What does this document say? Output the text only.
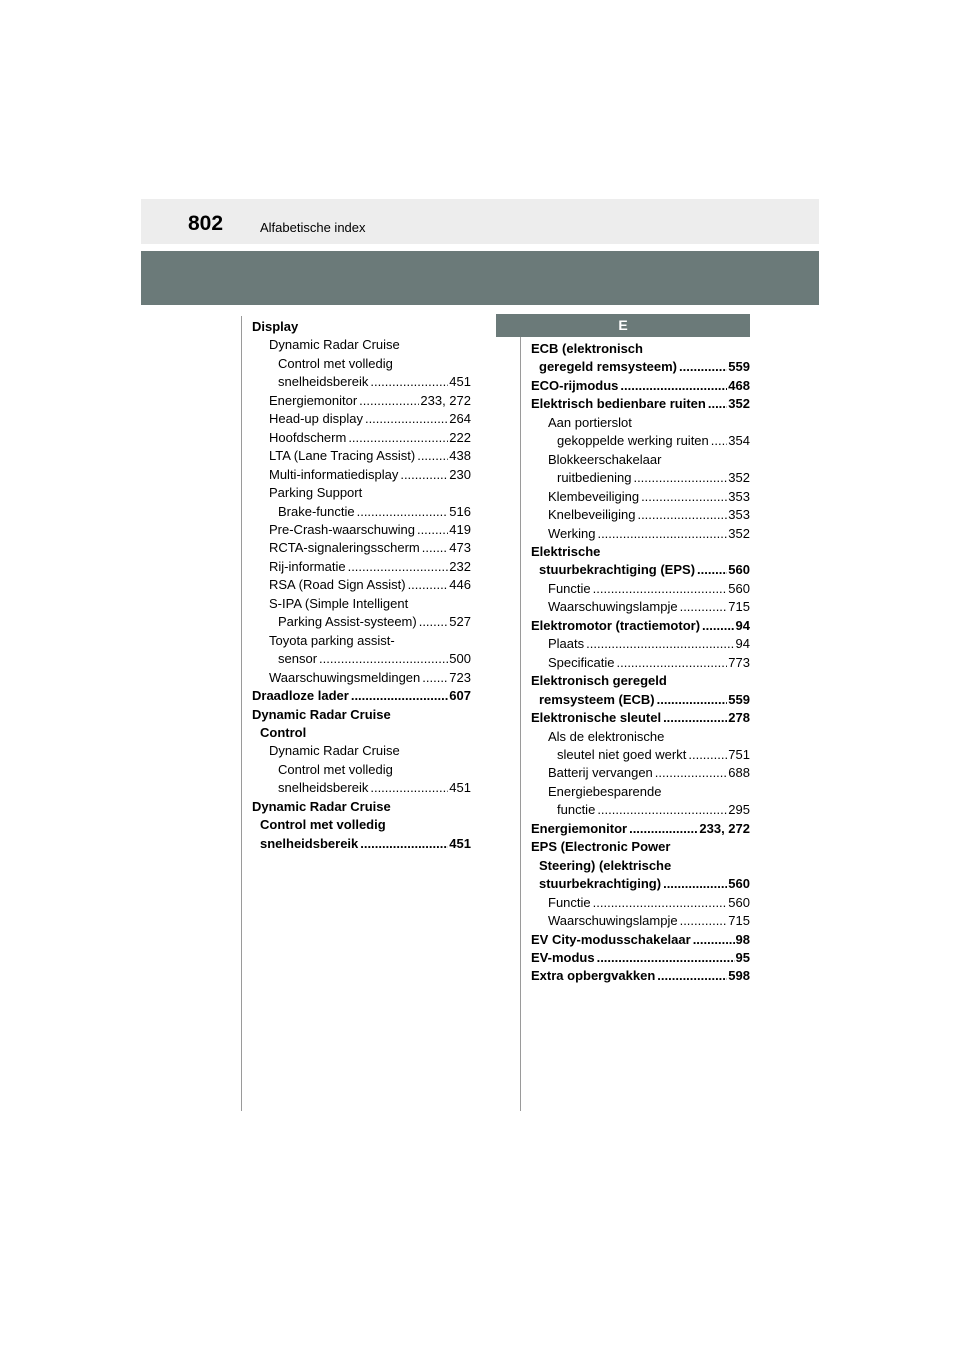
802	Alfabetische index
E
Display
Dynamic Radar Cruise
Control met volledig
snelheidsbereik .....	451
Energiemonitor .....	233, 272
Head-up display .....	264
Hoofdscherm .....	222
LTA (Lane Tracing Assist) .....	438
Multi-informatiedisplay .....	230
Parking Support
Brake-functie .....	516
Pre-Crash-waarschuwing .....	419
RCTA-signaleringsscherm ..... 473
Rij-informatie .....	232
RSA (Road Sign Assist) .....	446
S-IPA (Simple Intelligent
Parking Assist-systeem) .....	527
Toyota parking assist-
sensor .....	500
Waarschuwingsmeldingen ..... 723
Draadloze lader .....	607
Dynamic Radar Cruise
Control
Dynamic Radar Cruise
Control met volledig
snelheidsbereik .....	451
Dynamic Radar Cruise
Control met volledig
snelheidsbereik .....	451
ECB (elektronisch
geregeld remsysteem) .....	559
ECO-rijmodus .....	468
Elektrisch bedienbare ruiten ..... 352
Aan portierslot
gekoppelde werking ruiten ..... 354
Blokkeerschakelaar
ruitbediening .....	352
Klembeveiliging .....	353
Knelbeveiliging .....	353
Werking .....	352
Elektrische
stuurbekrachtiging (EPS) .....	560
Functie .....	560
Waarschuwingslampje .....	715
Elektromotor (tractiemotor) .....	94
Plaats .....	94
Specificatie .....	773
Elektronisch geregeld
remsysteem (ECB) .....	559
Elektronische sleutel .....	278
Als de elektronische
sleutel niet goed werkt .....	751
Batterij vervangen .....	688
Energiebesparende
functie .....	295
Energiemonitor .....	233, 272
EPS (Electronic Power
Steering) (elektrische
stuurbekrachtiging) .....	560
Functie .....	560
Waarschuwingslampje .....	715
EV City-modusschakelaar .....	98
EV-modus .....	95
Extra opbergvakken .....	598
